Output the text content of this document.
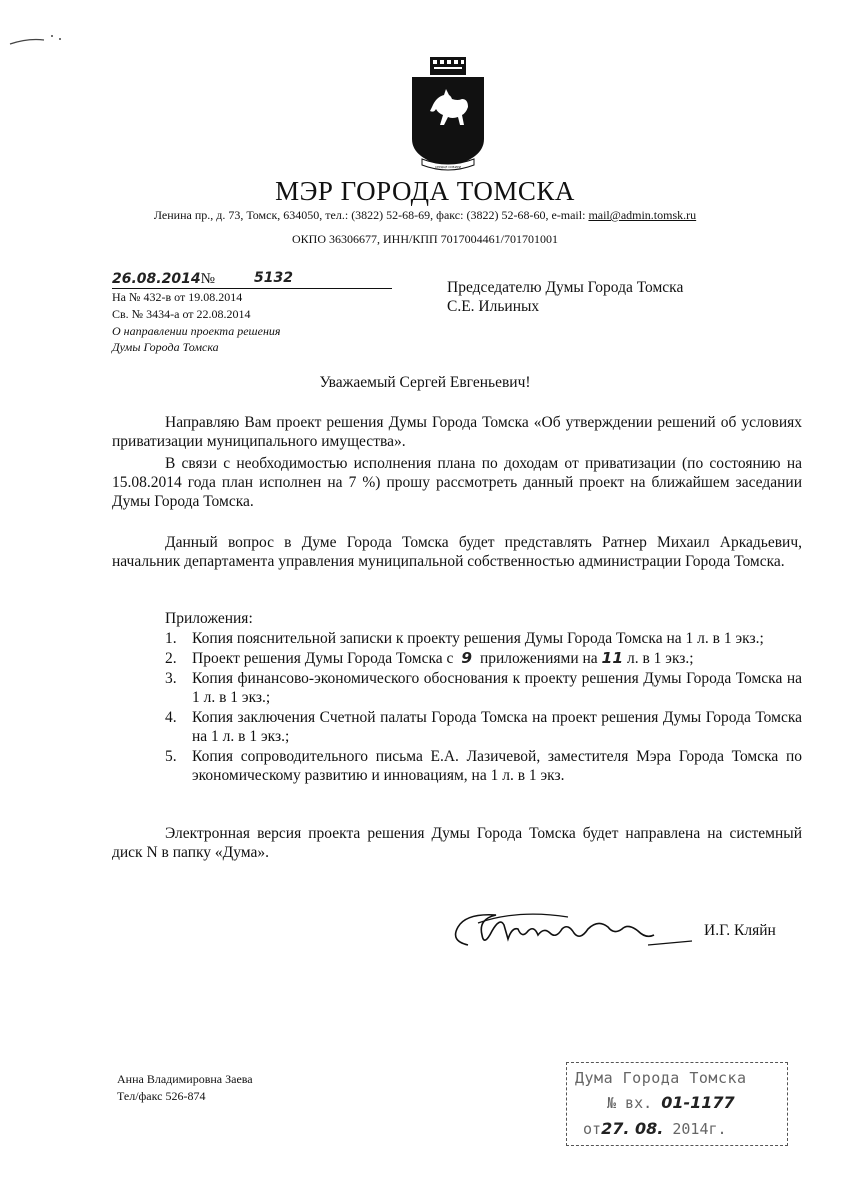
СЕРДЦЕ СИБИРИ
МЭР ГОРОДА ТОМСКА
Ленина пр., д. 73, Томск, 634050, тел.: (3822) 52-68-69, факс: (3822) 52-68-60, e-mail: mail@admin.tomsk.ru
ОКПО 36306677, ИНН/КПП 7017004461/701701001
26.08.2014№	5132
На № 432-в от 19.08.2014
Св. № 3434-а от 22.08.2014
О направлении проекта решения
Думы Города Томска
Председателю Думы Города Томска
С.Е. Ильиных
Уважаемый Сергей Евгеньевич!
Направляю Вам проект решения Думы Города Томска «Об утверждении решений об условиях приватизации муниципального имущества».
В связи с необходимостью исполнения плана по доходам от приватизации (по состоянию на 15.08.2014 года план исполнен на 7 %) прошу рассмотреть данный проект на ближайшем заседании Думы Города Томска.
Данный вопрос в Думе Города Томска будет представлять Ратнер Михаил Аркадьевич, начальник департамента управления муниципальной собственностью администрации Города Томска.
Приложения:
1. Копия пояснительной записки к проекту решения Думы Города Томска на 1 л. в 1 экз.;
2. Проект решения Думы Города Томска с 9 приложениями на 11 л. в 1 экз.;
3. Копия финансово-экономического обоснования к проекту решения Думы Города Томска на 1 л. в 1 экз.;
4. Копия заключения Счетной палаты Города Томска на проект решения Думы Города Томска на 1 л. в 1 экз.;
5. Копия сопроводительного письма Е.А. Лазичевой, заместителя Мэра Города Томска по экономическому развитию и инновациям, на 1 л. в 1 экз.
Электронная версия проекта решения Думы Города Томска будет направлена на системный диск N в папку «Дума».
И.Г. Кляйн
Анна Владимировна Заева
Тел/факс 526-874
Дума Города Томска
№ вх. 01-1177
от27. 08. 2014г.
